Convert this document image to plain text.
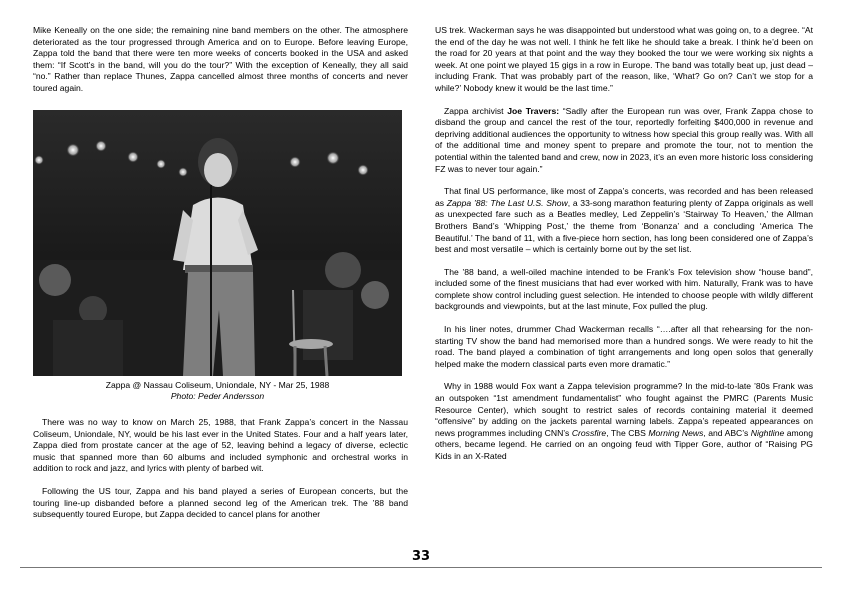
Mike Keneally on the one side; the remaining nine band members on the other. The atmosphere deteriorated as the tour progressed through America and on to Europe. Before leaving Europe, Zappa told the band that there were ten more weeks of concerts booked in the USA and asked them: “If Scott’s in the band, will you do the tour?” With the exception of Keneally, they all said “no.” Rather than replace Thunes, Zappa cancelled almost three months of concerts and never toured again.

Zappa @ Nassau Coliseum, Uniondale, NY - Mar 25, 1988
Photo: Peder Andersson

There was no way to know on March 25, 1988, that Frank Zappa’s concert in the Nassau Coliseum, Uniondale, NY, would be his last ever in the United States. Four and a half years later, Zappa died from prostate cancer at the age of 52, leaving behind a legacy of diverse, eclectic music that spanned more than 60 albums and included symphonic and orchestral works in addition to rock and jazz, and lyrics with plenty of barbed wit.

Following the US tour, Zappa and his band played a series of European concerts, but the touring line-up disbanded before a planned second leg of the American trek. The ’88 band subsequently toured Europe, but Zappa decided to cancel plans for another

US trek. Wackerman says he was disappointed but understood what was going on, to a degree. “At the end of the day he was not well. I think he felt like he should take a break. I think he’d been on the road for 20 years at that point and the way they booked the tour we were working six nights a week. At one point we played 15 gigs in a row in Europe. The band was totally beat up, just dead – including Frank. That was probably part of the reason, like, ‘What? Go on? Can’t we stop for a while?’ Nobody knew it would be the last time.”

Zappa archivist Joe Travers: “Sadly after the European run was over, Frank Zappa chose to disband the group and cancel the rest of the tour, reportedly forfeiting $400,000 in revenue and depriving additional audiences the opportunity to witness how special this group really was. With all of the additional time and money spent to prepare and promote the tour, not to mention the potential within the talented band and crew, now in 2023, it’s an even more historic loss considering FZ was to never tour again.”

That final US performance, like most of Zappa’s concerts, was recorded and has been released as Zappa ’88: The Last U.S. Show, a 33-song marathon featuring plenty of Zappa originals as well as unexpected fare such as a Beatles medley, Led Zeppelin’s ‘Stairway To Heaven,’ the Allman Brothers Band’s ‘Whipping Post,’ the theme from ‘Bonanza’ and a concluding ‘America The Beautiful.’ The band of 11, with a five-piece horn section, has long been considered one of Zappa’s best and most versatile – which is certainly borne out by the set list.

The ’88 band, a well-oiled machine intended to be Frank’s Fox television show “house band”, included some of the finest musicians that had ever worked with him. Naturally, Frank was to have complete show control including guest selection. He intended to choose people with wildly different backgrounds and viewpoints, but at the last minute, Fox pulled the plug.

In his liner notes, drummer Chad Wackerman recalls “….after all that rehearsing for the non-starting TV show the band had memorised more than a hundred songs. We were ready to hit the road. The band played a combination of tight arrangements and long open solos that generally helped make the modern classical parts even more dramatic.”

Why in 1988 would Fox want a Zappa television programme? In the mid-to-late ’80s Frank was an outspoken “1st amendment fundamentalist” who fought against the PMRC (Parents Music Resource Center), which sought to restrict sales of records containing material it deemed “offensive” by adding on the jackets parental warning labels. Zappa’s repeated appearances on news programmes including CNN’s Crossfire, The CBS Morning News, and ABC’s Nightline among others, became legend. He carried on an ongoing feud with Tipper Gore, author of “Raising PG Kids in an X-Rated

33
